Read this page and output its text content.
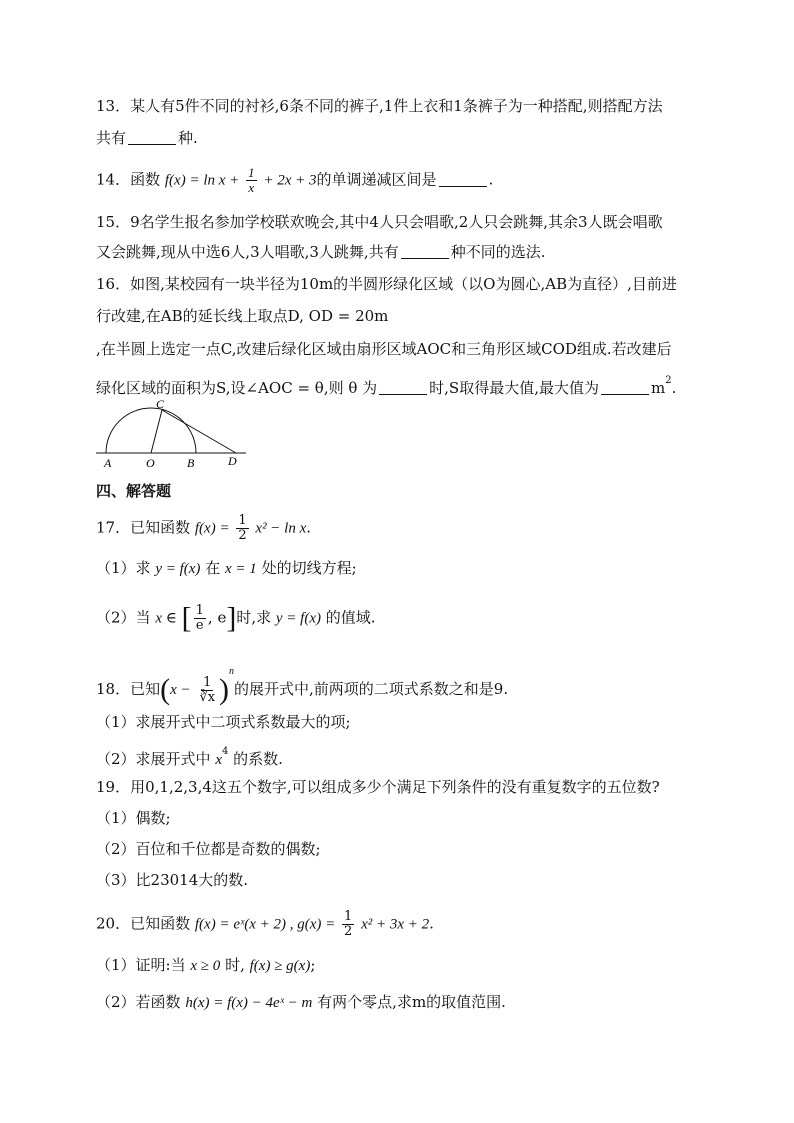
13．某人有5件不同的衬衫,6条不同的裤子,1件上衣和1条裤子为一种搭配,则搭配方法
共有	种.
14．函数 $f(x) = \ln x + \frac{1}{x} + 2x + 3$的单调递减区间是	.
15．9名学生报名参加学校联欢晚会,其中4人只会唱歌,2人只会跳舞,其余3人既会唱歌
又会跳舞,现从中选6人,3人唱歌,3人跳舞,共有	种不同的选法.
16．如图,某校园有一块半径为10m的半圆形绿化区域（以O为圆心,AB为直径）,目前进
行改建,在AB的延长线上取点D, OD = 20m
,在半圆上选定一点C,改建后绿化区域由扇形区域AOC和三角形区域COD组成.若改建后
绿化区域的面积为S,设∠AOC = θ,则 θ 为	时,S取得最大值,最大值为	$m^2$.
A	O	B
C
D
四、解答题
17．已知函数 $f(x) = \frac{1}{2} x^2 - \ln x$.
（1）求 y = f(x) 在 x = 1 处的切线方程;
（2）当 x ∈ [ $\frac{1}{e}$ , e]时,求 y = f(x) 的值域.
18．已知$(x - \frac{1}{∛x} )^n$的展开式中,前两项的二项式系数之和是9.
（1）求展开式中二项式系数最大的项;
（2）求展开式中 $x^4$ 的系数.
19．用0,1,2,3,4这五个数字,可以组成多少个满足下列条件的没有重复数字的五位数?
（1）偶数;
（2）百位和千位都是奇数的偶数;
（3）比23014大的数.
20．已知函数 f(x) = eˣ(x + 2) , $g(x) = \frac{1}{2} x^2 + 3x + 2$.
（1）证明:当 x ≥ 0 时, f(x) ≥ g(x);
（2）若函数 h(x) = f(x) − 4eˣ − m 有两个零点,求m的取值范围.
